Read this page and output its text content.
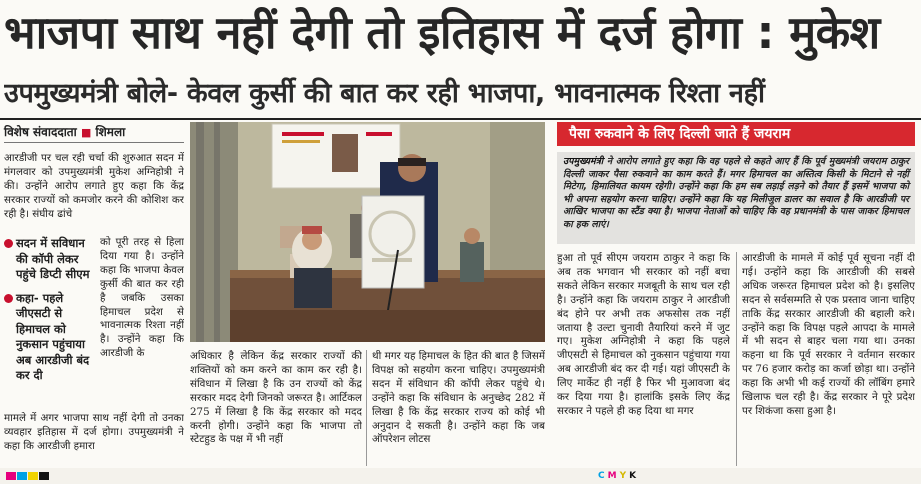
भाजपा साथ नहीं देगी तो इतिहास में दर्ज होगा : मुकेश
उपमुख्यमंत्री बोले- केवल कुर्सी की बात कर रही भाजपा, भावनात्मक रिश्ता नहीं
विशेष संवाददाता ■ शिमला
आरडीजी पर चल रही चर्चा की शुरुआत सदन में मंगलवार को उपमुख्यमंत्री मुकेश अग्निहोत्री ने की। उन्होंने आरोप लगाते हुए कहा कि केंद्र सरकार राज्यों को कमजोर करने की कोशिश कर रही है। संघीय ढांचे
सदन में सविधान की कॉपी लेकर पहुंचे डिप्टी सीएम
कहा- पहले जीएसटी से हिमाचल को नुकसान पहुंचाया अब आरडीजी बंद कर दी
को पूरी तरह से हिला दिया गया है। उन्होंने कहा कि भाजपा केवल कुर्सी की बात कर रही है जबकि उसका हिमाचल प्रदेश से भावनात्मक रिश्ता नहीं है। उन्होंने कहा कि आरडीजी के
मामले में अगर भाजपा साथ नहीं देगी तो उनका व्यवहार इतिहास में दर्ज होगा। उपमुख्यमंत्री ने कहा कि आरडीजी हमारा
अधिकार है लेकिन केंद्र सरकार राज्यों की शक्तियों को कम करने का काम कर रही है। संविधान में लिखा है कि उन राज्यों को केंद्र सरकार मदद देगी जिनको जरूरत है। आर्टिकल 275 में लिखा है कि केंद्र सरकार को मदद करनी होगी। उन्होंने कहा कि भाजपा तो स्टेटहुड के पक्ष में भी नहीं
थी मगर यह हिमाचल के हित की बात है जिसमें विपक्ष को सहयोग करना चाहिए। उपमुख्यमंत्री सदन में संविधान की कॉपी लेकर पहुंचे थे। उन्होंने कहा कि संविधान के अनुच्छेद 282 में लिखा है कि केंद्र सरकार राज्य को कोई भी अनुदान दे सकती है। उन्होंने कहा कि जब ऑपरेशन लोटस
पैसा रुकवाने के लिए दिल्ली जाते हैं जयराम
उपमुख्यमंत्री ने आरोप लगाते हुए कहा कि वह पहले से कहते आए हैं कि पूर्व मुख्यमंत्री जयराम ठाकुर दिल्ली जाकर पैसा रुकवाने का काम करते हैं। मगर हिमाचल का अस्तित्व किसी के मिटाने से नहीं मिटेगा, हिमालियत कायम रहेगी। उन्होंने कहा कि हम सब लड़ाई लड़ने को तैयार हैं इसमें भाजपा को भी अपना सहयोग करना चाहिए। उन्होंने कहा कि यह मिलीजुल डालर का सवाल है कि आरडीजी पर आखिर भाजपा का स्टैंड क्या है। भाजपा नेताओं को चाहिए कि वह प्रधानमंत्री के पास जाकर हिमाचल का हक लाएं।
हुआ तो पूर्व सीएम जयराम ठाकुर ने कहा कि अब तक भगवान भी सरकार को नहीं बचा सकते लेकिन सरकार मजबूती के साथ चल रही है। उन्होंने कहा कि जयराम ठाकुर ने आरडीजी बंद होने पर अभी तक अफसोस तक नहीं जताया है उल्टा चुनावी तैयारियां करने में जुट गए। मुकेश अग्निहोत्री ने कहा कि पहले जीएसटी से हिमाचल को नुकसान पहुंचाया गया अब आरडीजी बंद कर दी गई। यहां जीएसटी के लिए मार्केट ही नहीं है फिर भी मुआवजा बंद कर दिया गया है। हालांकि इसके लिए केंद्र सरकार ने पहले ही कह दिया था मगर
आरडीजी के मामले में कोई पूर्व सूचना नहीं दी गई। उन्होंने कहा कि आरडीजी की सबसे अधिक जरूरत हिमाचल प्रदेश को है। इसलिए सदन से सर्वसम्मति से एक प्रस्ताव जाना चाहिए ताकि केंद्र सरकार आरडीजी की बहाली करे। उन्होंने कहा कि विपक्ष पहले आपदा के मामले में भी सदन से बाहर चला गया था। उनका कहना था कि पूर्व सरकार ने वर्तमान सरकार पर 76 हजार करोड़ का कर्जा छोड़ा था। उन्होंने कहा कि अभी भी कई राज्यों की लॉबिंग हमारे खिलाफ चल रही है। केंद्र सरकार ने पूरे प्रदेश पर शिकंजा कसा हुआ है।
CMYK
